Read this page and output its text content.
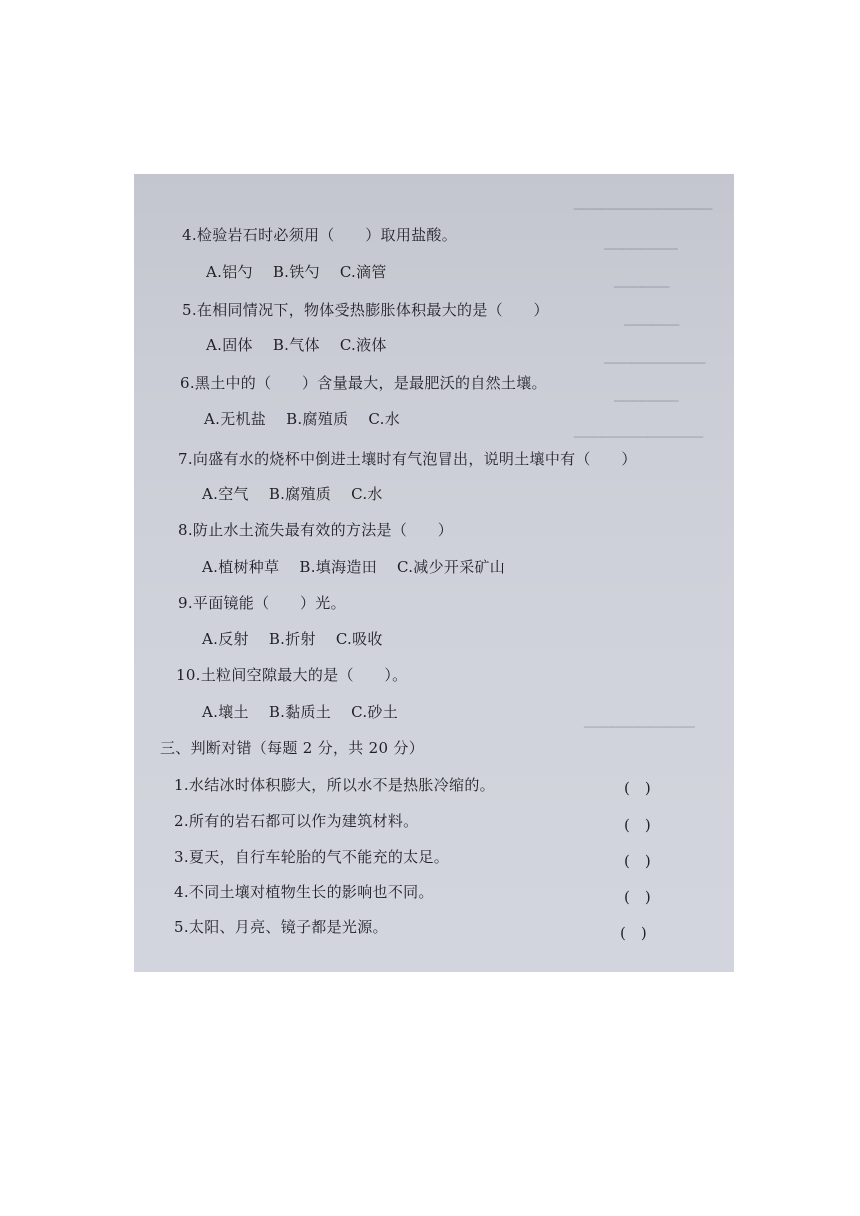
▁▁▁▁▁▁▁▁▁▁▁▁▁▁▁
▁▁▁▁▁▁▁▁
▁▁▁▁▁▁
▁▁▁▁▁▁
▁▁▁▁▁▁▁▁▁▁▁
▁▁▁▁▁▁▁
▁▁▁▁▁▁▁▁▁▁▁▁▁▁
▁▁▁▁▁▁▁▁▁▁▁▁
4.检验岩石时必须用（　　）取用盐酸。
A.铝勺 B.铁勺 C.滴管
5.在相同情况下，物体受热膨胀体积最大的是（　　）
A.固体 B.气体 C.液体
6.黑土中的（　　）含量最大，是最肥沃的自然土壤。
A.无机盐 B.腐殖质 C.水
7.向盛有水的烧杯中倒进土壤时有气泡冒出，说明土壤中有（　　）
A.空气 B.腐殖质 C.水
8.防止水土流失最有效的方法是（　　）
A.植树种草 B.填海造田 C.减少开采矿山
9.平面镜能（　　）光。
A.反射 B.折射 C.吸收
10.土粒间空隙最大的是（　　）。
A.壤土 B.黏质土 C.砂土
三、判断对错（每题 2 分，共 20 分）
1.水结冰时体积膨大，所以水不是热胀冷缩的。	(　)
2.所有的岩石都可以作为建筑材料。	(　)
3.夏天，自行车轮胎的气不能充的太足。	(　)
4.不同土壤对植物生长的影响也不同。	(　)
5.太阳、月亮、镜子都是光源。	(　)
